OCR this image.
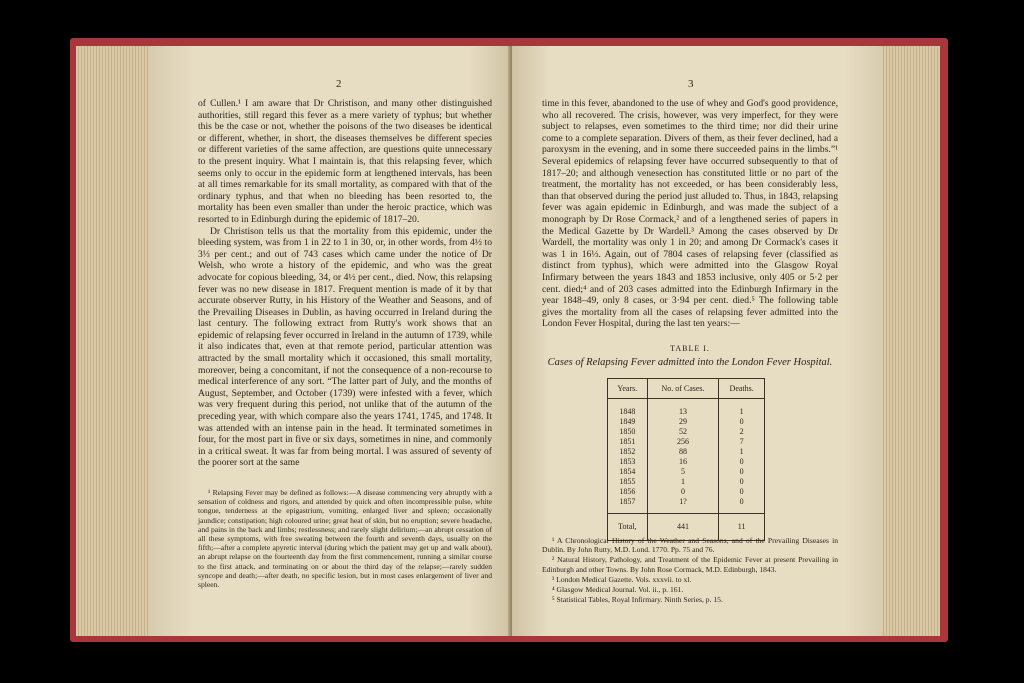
2

of Cullen.¹ I am aware that Dr Christison, and many other distinguished authorities, still regard this fever as a mere variety of typhus; but whether this be the case or not, whether the poisons of the two diseases be identical or different, whether, in short, the diseases themselves be different species or different varieties of the same affection, are questions quite unnecessary to the present inquiry. What I maintain is, that this relapsing fever, which seems only to occur in the epidemic form at lengthened intervals, has been at all times remarkable for its small mortality, as compared with that of the ordinary typhus, and that when no bleeding has been resorted to, the mortality has been even smaller than under the heroic practice, which was resorted to in Edinburgh during the epidemic of 1817–20.

Dr Christison tells us that the mortality from this epidemic, under the bleeding system, was from 1 in 22 to 1 in 30, or, in other words, from 4½ to 3⅓ per cent.; and out of 743 cases which came under the notice of Dr Welsh, who wrote a history of the epidemic, and who was the great advocate for copious bleeding, 34, or 4½ per cent., died. Now, this relapsing fever was no new disease in 1817. Frequent mention is made of it by that accurate observer Rutty, in his History of the Weather and Seasons, and of the Prevailing Diseases in Dublin, as having occurred in Ireland during the last century. The following extract from Rutty's work shows that an epidemic of relapsing fever occurred in Ireland in the autumn of 1739, while it also indicates that, even at that remote period, particular attention was attracted by the small mortality which it occasioned, this small mortality, moreover, being a concomitant, if not the consequence of a non-recourse to medical interference of any sort. “The latter part of July, and the months of August, September, and October (1739) were infested with a fever, which was very frequent during this period, not unlike that of the autumn of the preceding year, with which compare also the years 1741, 1745, and 1748. It was attended with an intense pain in the head. It terminated sometimes in four, for the most part in five or six days, sometimes in nine, and commonly in a critical sweat. It was far from being mortal. I was assured of seventy of the poorer sort at the same

¹ Relapsing Fever may be defined as follows:—A disease commencing very abruptly with a sensation of coldness and rigors, and attended by quick and often incompressible pulse, white tongue, tenderness at the epigastrium, vomiting, enlarged liver and spleen; occasionally jaundice; constipation; high coloured urine; great heat of skin, but no eruption; severe headache, and pains in the back and limbs; restlessness; and rarely slight delirium;—an abrupt cessation of all these symptoms, with free sweating between the fourth and seventh days, usually on the fifth;—after a complete apyretic interval (during which the patient may get up and walk about), an abrupt relapse on the fourteenth day from the first commencement, running a similar course to the first attack, and terminating on or about the third day of the relapse;—rarely sudden syncope and death;—after death, no specific lesion, but in most cases enlargement of liver and spleen.

3

time in this fever, abandoned to the use of whey and God's good providence, who all recovered. The crisis, however, was very imperfect, for they were subject to relapses, even sometimes to the third time; nor did their urine come to a complete separation. Divers of them, as their fever declined, had a paroxysm in the evening, and in some there succeeded pains in the limbs.”¹ Several epidemics of relapsing fever have occurred subsequently to that of 1817–20; and although venesection has constituted little or no part of the treatment, the mortality has not exceeded, or has been considerably less, than that observed during the period just alluded to. Thus, in 1843, relapsing fever was again epidemic in Edinburgh, and was made the subject of a monograph by Dr Rose Cormack,² and of a lengthened series of papers in the Medical Gazette by Dr Wardell.³ Among the cases observed by Dr Wardell, the mortality was only 1 in 20; and among Dr Cormack's cases it was 1 in 16⅓. Again, out of 7804 cases of relapsing fever (classified as distinct from typhus), which were admitted into the Glasgow Royal Infirmary between the years 1843 and 1853 inclusive, only 405 or 5·2 per cent. died;⁴ and of 203 cases admitted into the Edinburgh Infirmary in the year 1848–49, only 8 cases, or 3·94 per cent. died.⁵ The following table gives the mortality from all the cases of relapsing fever admitted into the London Fever Hospital, during the last ten years:—

TABLE I.
Cases of Relapsing Fever admitted into the London Fever Hospital.
Years.	No. of Cases.	Deaths.
1848	13	1
1849	29	0
1850	52	2
1851	256	7
1852	88	1
1853	16	0
1854	5	0
1855	1	0
1856	0	0
1857	1?	0
Total,	441	11

¹ A Chronological History of the Weather and Seasons, and of the Prevailing Diseases in Dublin. By John Rutty, M.D. Lond. 1770. Pp. 75 and 76.

² Natural History, Pathology, and Treatment of the Epidemic Fever at present Prevailing in Edinburgh and other Towns. By John Rose Cormack, M.D. Edinburgh, 1843.

³ London Medical Gazette. Vols. xxxvii. to xl.

⁴ Glasgow Medical Journal. Vol. ii., p. 161.

⁵ Statistical Tables, Royal Infirmary. Ninth Series, p. 15.
